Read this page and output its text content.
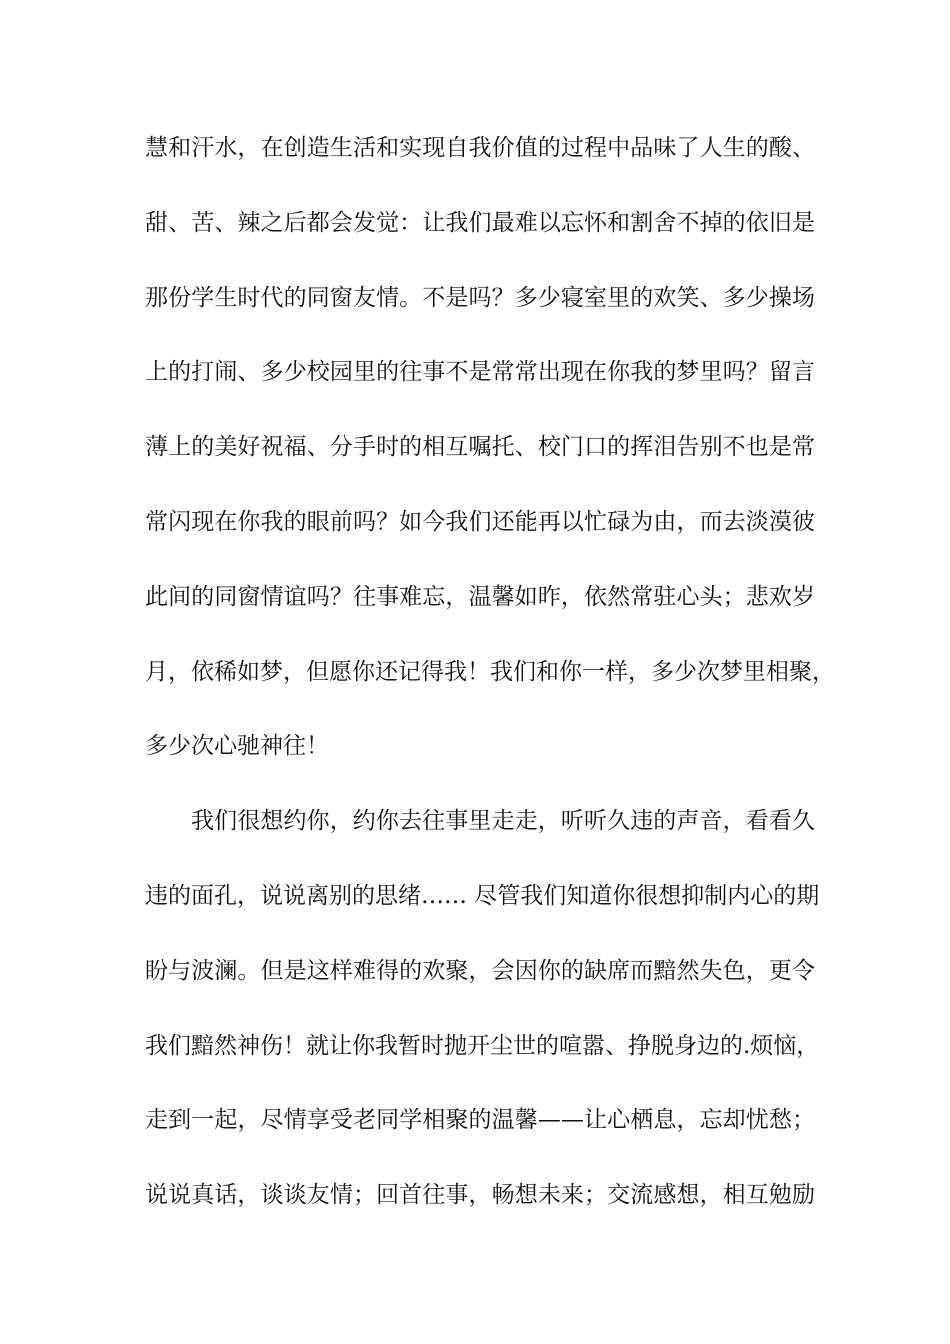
慧和汗水，在创造生活和实现自我价值的过程中品味了人生的酸、
甜、苦、辣之后都会发觉：让我们最难以忘怀和割舍不掉的依旧是
那份学生时代的同窗友情。不是吗？多少寝室里的欢笑、多少操场
上的打闹、多少校园里的往事不是常常出现在你我的梦里吗？留言
薄上的美好祝福、分手时的相互嘱托、校门口的挥泪告别不也是常
常闪现在你我的眼前吗？如今我们还能再以忙碌为由，而去淡漠彼
此间的同窗情谊吗？往事难忘，温馨如昨，依然常驻心头；悲欢岁
月，依稀如梦，但愿你还记得我！我们和你一样，多少次梦里相聚，
多少次心驰神往！
我们很想约你，约你去往事里走走，听听久违的声音，看看久
违的面孔，说说离别的思绪…… 尽管我们知道你很想抑制内心的期
盼与波澜。但是这样难得的欢聚，会因你的缺席而黯然失色，更令
我们黯然神伤！就让你我暂时抛开尘世的喧嚣、挣脱身边的.烦恼，
走到一起，尽情享受老同学相聚的温馨——让心栖息，忘却忧愁；
说说真话，谈谈友情；回首往事，畅想未来；交流感想，相互勉励
